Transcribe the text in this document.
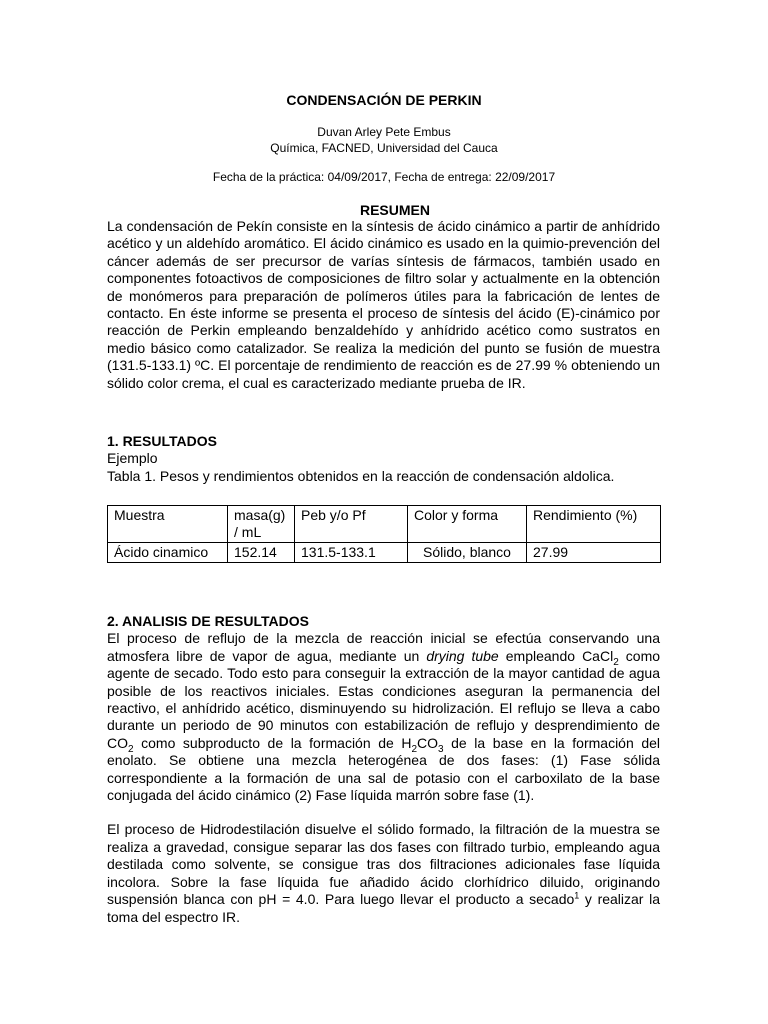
CONDENSACIÓN DE PERKIN
Duvan Arley Pete Embus
Química, FACNED, Universidad del Cauca
Fecha de la práctica: 04/09/2017, Fecha de entrega: 22/09/2017
RESUMEN

La condensación de Pekín consiste en la síntesis de ácido cinámico a partir de anhídrido acético y un aldehído aromático. El ácido cinámico es usado en la quimio-prevención del cáncer además de ser precursor de varías síntesis de fármacos, también usado en componentes fotoactivos de composiciones de filtro solar y actualmente en la obtención de monómeros para preparación de polímeros útiles para la fabricación de lentes de contacto. En éste informe se presenta el proceso de síntesis del ácido (E)-cinámico por reacción de Perkin empleando benzaldehído y anhídrido acético como sustratos en medio básico como catalizador. Se realiza la medición del punto se fusión de muestra (131.5-133.1) ºC. El porcentaje de rendimiento de reacción es de 27.99 % obteniendo un sólido color crema, el cual es caracterizado mediante prueba de IR.

1. RESULTADOS

Ejemplo

Tabla 1. Pesos y rendimientos obtenidos en la reacción de condensación aldolica.

Muestra	masa(g) / mL	Peb y/o Pf	Color y forma	Rendimiento (%)
Ácido cinamico	152.14	131.5-133.1	Sólido, blanco	27.99

2. ANALISIS DE RESULTADOS

El proceso de reflujo de la mezcla de reacción inicial se efectúa conservando una atmosfera libre de vapor de agua, mediante un drying tube empleando CaCl$_2$ como agente de secado. Todo esto para conseguir la extracción de la mayor cantidad de agua posible de los reactivos iniciales. Estas condiciones aseguran la permanencia del reactivo, el anhídrido acético, disminuyendo su hidrolización. El reflujo se lleva a cabo durante un periodo de 90 minutos con estabilización de reflujo y desprendimiento de $CO_2$ como subproducto de la formación de $H_2CO_3$ de la base en la formación del enolato. Se obtiene una mezcla heterogénea de dos fases: (1) Fase sólida correspondiente a la formación de una sal de potasio con el carboxilato de la base conjugada del ácido cinámico (2) Fase líquida marrón sobre fase (1).

El proceso de Hidrodestilación disuelve el sólido formado, la filtración de la muestra se realiza a gravedad, consigue separar las dos fases con filtrado turbio, empleando agua destilada como solvente, se consigue tras dos filtraciones adicionales fase líquida incolora. Sobre la fase líquida fue añadido ácido clorhídrico diluido, originando suspensión blanca con pH = 4.0. Para luego llevar el producto a secado$^1$ y realizar la toma del espectro IR.
